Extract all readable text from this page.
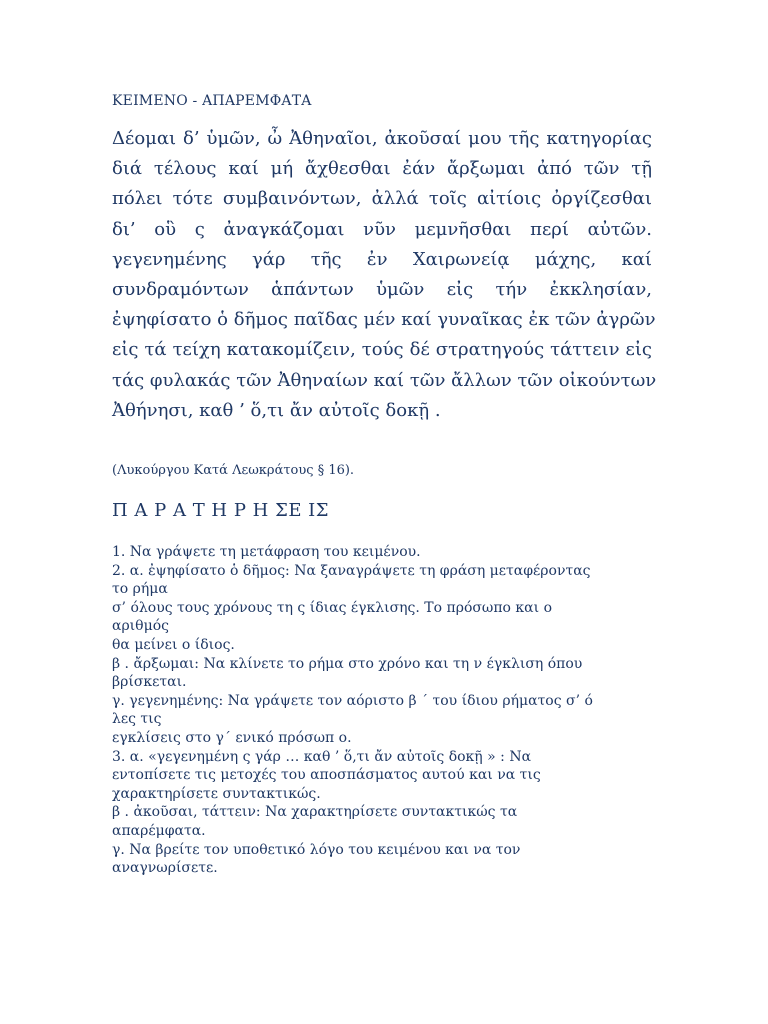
ΚΕΙΜΕΝΟ - ΑΠΑΡΕΜΦΑΤΑ
Δέομαι δ’ ὑμῶν, ὦ Ἀθηναῖοι, ἀκοῦσαί μου τῆς κατηγορίας
διά τέλους καί μή ἄχθεσθαι ἐάν ἄρξωμαι ἀπό τῶν τῇ
πόλει τότε συμβαινόντων, ἀλλά τοῖς αἰτίοις ὀργίζεσθαι
δι’ οὓ ς ἀναγκάζομαι νῦν μεμνῆσθαι περί αὐτῶν.
γεγενημένης γάρ τῆς ἐν Χαιρωνείᾳ μάχης, καί
συνδραμόντων ἁπάντων ὑμῶν εἰς τήν ἐκκλησίαν,
ἐψηφίσατο ὁ δῆμος παῖδας μέν καί γυναῖκας ἐκ τῶν ἀγρῶν
εἰς τά τείχη κατακομίζειν, τούς δέ στρατηγούς τάττειν εἰς
τάς φυλακάς τῶν Ἀθηναίων καί τῶν ἄλλων τῶν οἰκούντων
Ἀθήνησι, καθ ’ ὅ,τι ἄν αὐτοῖς δοκῇ .
(Λυκούργου Κατά Λεωκράτους § 16).
Π Α Ρ Α Τ Η Ρ Η ΣΕ ΙΣ
1. Να γράψετε τη μετάφραση του κειμένου.
2. α. ἐψηφίσατο ὁ δῆμος: Να ξαναγράψετε τη φράση μεταφέροντας
το ρήμα
σ’ όλους τους χρόνους τη ς ίδιας έγκλισης. Το πρόσωπο και ο
αριθμός
θα μείνει ο ίδιος.
β . ἄρξωμαι: Να κλίνετε το ρήμα στο χρόνο και τη ν έγκλιση όπου
βρίσκεται.
γ. γεγενημένης: Να γράψετε τον αόριστο β ΄ του ίδιου ρήματος σ’ ό
λες τις
εγκλίσεις στο γ΄ ενικό πρόσωπ ο.
3. α. «γεγενημένη ς γάρ … καθ ’ ὅ,τι ἄν αὐτοῖς δοκῇ » : Να
εντοπίσετε τις μετοχές του αποσπάσματος αυτού και να τις
χαρακτηρίσετε συντακτικώς.
β . ἀκοῦσαι, τάττειν: Να χαρακτηρίσετε συντακτικώς τα
απαρέμφατα.
γ. Να βρείτε τον υποθετικό λόγο του κειμένου και να τον
αναγνωρίσετε.
